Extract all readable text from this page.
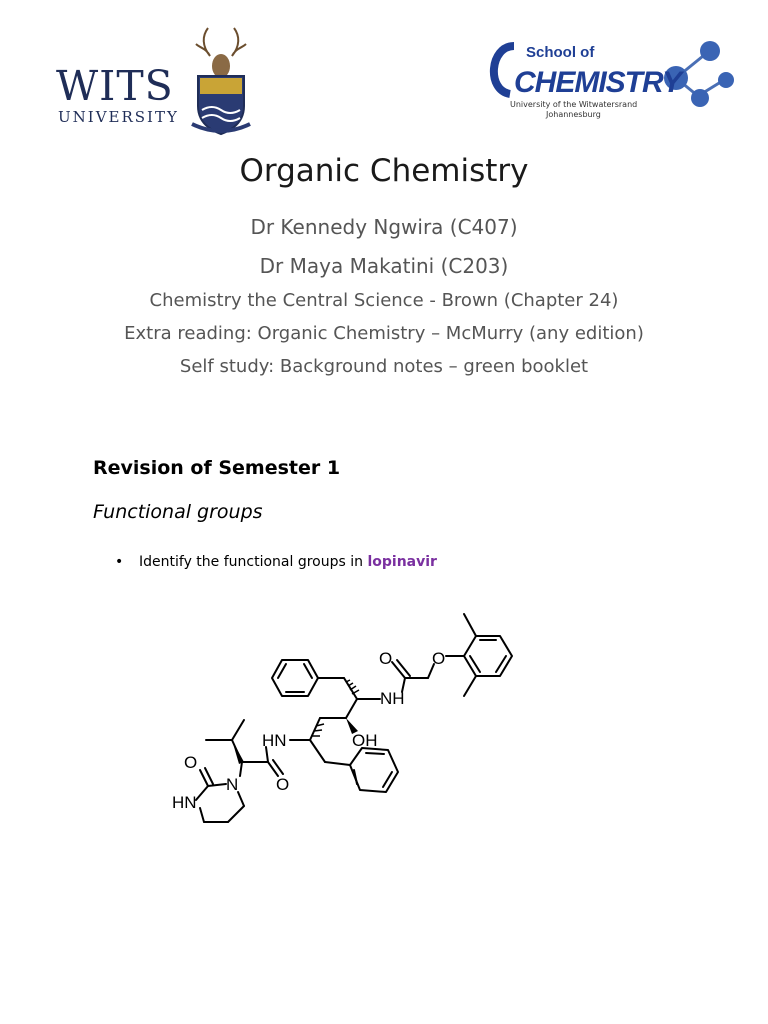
WITS
UNIVERSITY
School of
CHEMISTRY
University of the Witwatersrand
Johannesburg
Organic Chemistry
Dr Kennedy Ngwira (C407)
Dr Maya Makatini (C203)
Chemistry the Central Science - Brown (Chapter 24)
Extra reading: Organic Chemistry – McMurry (any edition)
Self study: Background notes – green booklet
Revision of Semester 1
Functional groups
• Identify the functional groups in lopinavir
O O
NH
OH
HN
O
N
O
HN
